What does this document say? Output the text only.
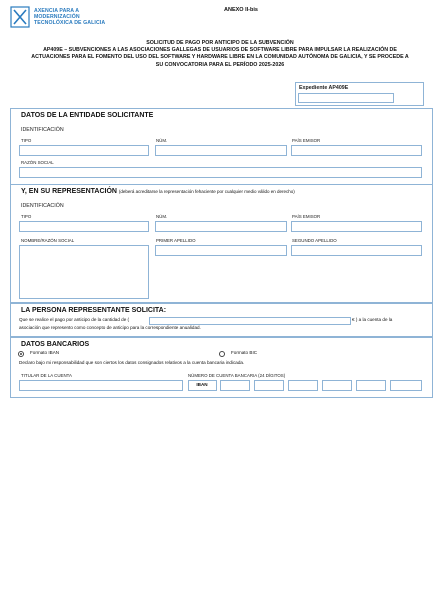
AXENCIA PARA A
MODERNIZACIÓN
TECNOLÓXICA DE GALICIA
ANEXO II-bis
SOLICITUD DE PAGO POR ANTICIPO DE LA SUBVENCIÓN
AP409E – SUBVENCIONES A LAS ASOCIACIONES GALLEGAS DE USUARIOS DE SOFTWARE LIBRE PARA IMPULSAR LA REALIZACIÓN DE
ACTUACIONES PARA EL FOMENTO DEL USO DEL SOFTWARE Y HARDWARE LIBRE EN LA COMUNIDAD AUTÓNOMA DE GALICIA, Y SE PROCEDE A
SU CONVOCATORIA PARA EL PERÍODO 2025-2026
Expediente AP409E
DATOS DE LA ENTIDADE SOLICITANTE
IDENTIFICACIÓN
TIPO	NÚM.	PAÍS EMISOR
RAZÓN SOCIAL
Y, EN SU REPRESENTACIÓN (deberá acreditarse la representación fehaciente por cualquier medio válido en derecho)
IDENTIFICACIÓN
TIPO	NÚM.	PAÍS EMISOR
NOMBRE/RAZÓN SOCIAL	PRIMER APELLIDO	SEGUNDO APELLIDO
LA PERSONA REPRESENTANTE SOLICITA:
Que se realice el pago por anticipo de la cantidad de (	€ ) a la cuenta de la
asociación que represento como concepto de anticipo para la correspondiente anualidad.
DATOS BANCARIOS
Formato IBAN	Formato BIC
Declaro bajo mi responsabilidad que son ciertos los datos consignados relativos a la cuenta bancaria indicada.
TITULAR DE LA CUENTA	NÚMERO DE CUENTA BANCARIA (24 DÍGITOS)
IBAN
